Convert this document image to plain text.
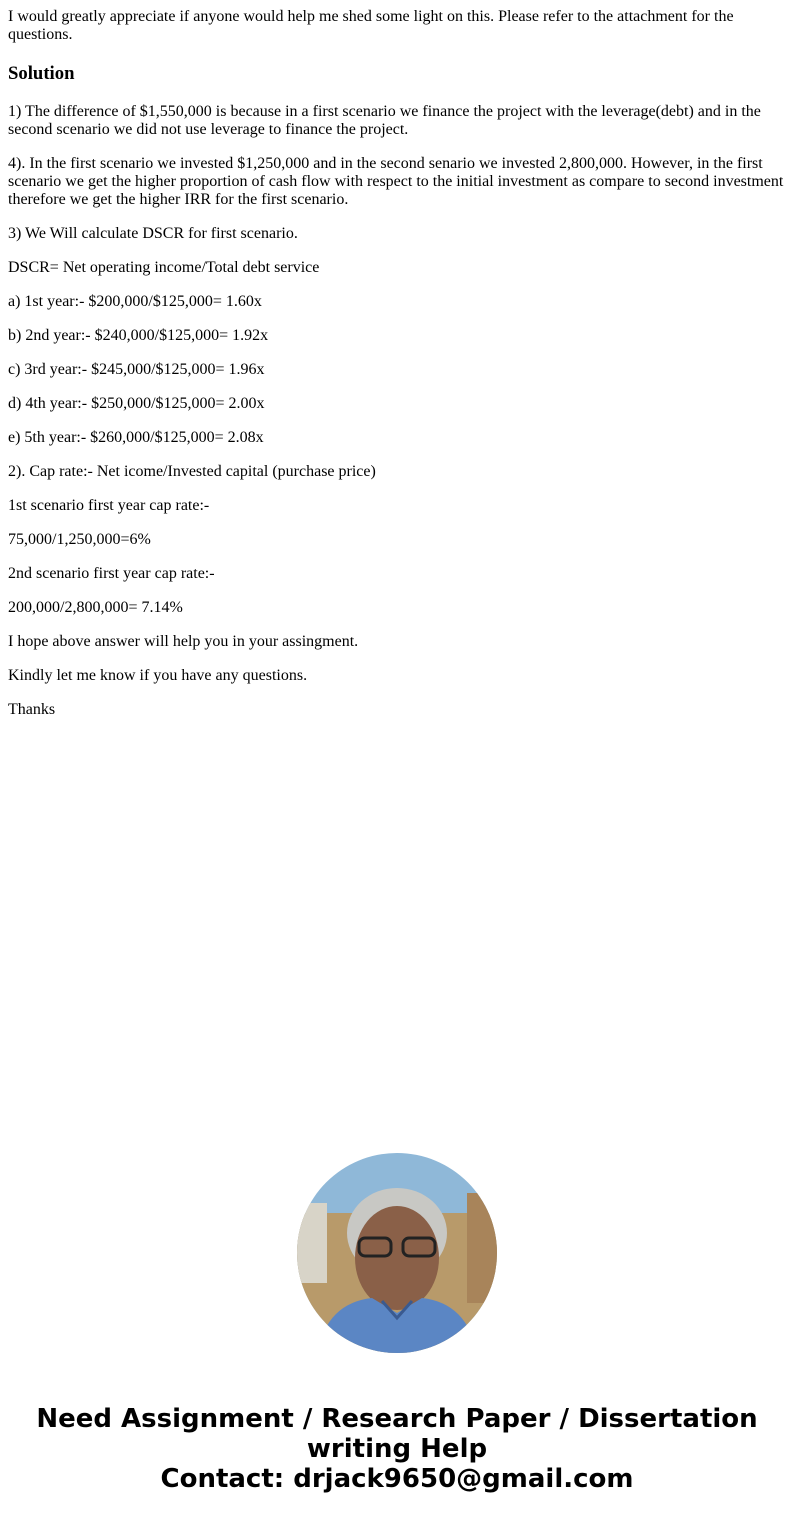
I would greatly appreciate if anyone would help me shed some light on this. Please refer to the attachment for the questions.

Solution

1) The difference of $1,550,000 is because in a first scenario we finance the project with the leverage(debt) and in the second scenario we did not use leverage to finance the project.

4). In the first scenario we invested $1,250,000 and in the second senario we invested 2,800,000. However, in the first scenario we get the higher proportion of cash flow with respect to the initial investment as compare to second investment therefore we get the higher IRR for the first scenario.

3) We Will calculate DSCR for first scenario.

DSCR= Net operating income/Total debt service

a) 1st year:- $200,000/$125,000= 1.60x

b) 2nd year:- $240,000/$125,000= 1.92x

c) 3rd year:- $245,000/$125,000= 1.96x

d) 4th year:- $250,000/$125,000= 2.00x

e) 5th year:- $260,000/$125,000= 2.08x

2). Cap rate:- Net icome/Invested capital (purchase price)

1st scenario first year cap rate:-

75,000/1,250,000=6%

2nd scenario first year cap rate:-

200,000/2,800,000= 7.14%

I hope above answer will help you in your assingment.

Kindly let me know if you have any questions.

Thanks

Need Assignment / Research Paper / Dissertation
writing Help
Contact: drjack9650@gmail.com
